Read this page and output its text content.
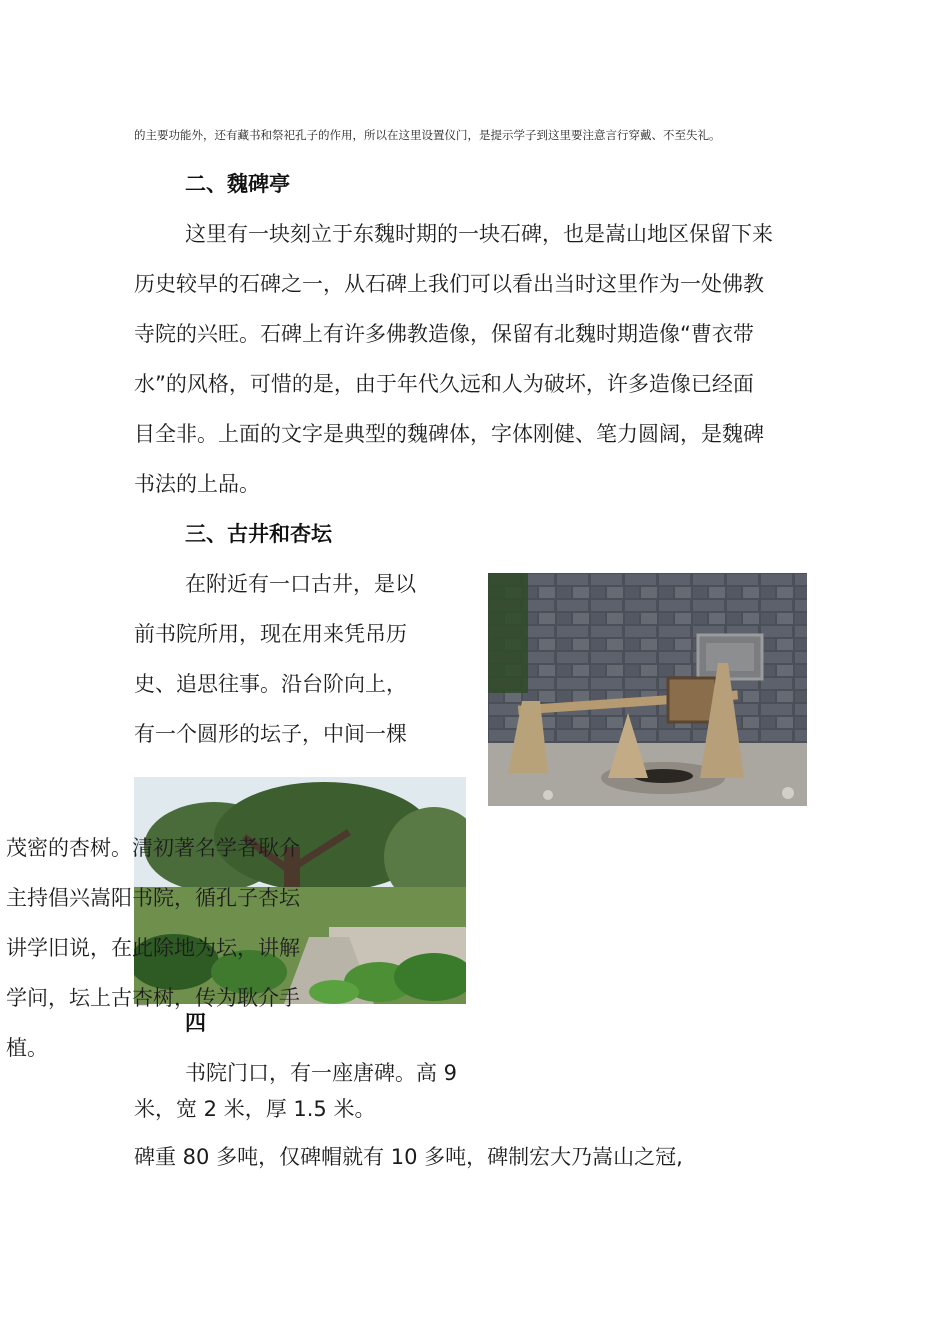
的主要功能外，还有藏书和祭祀孔子的作用，所以在这里设置仪门，是提示学子到这里要注意言行穿戴、不至失礼。
二、魏碑亭
这里有一块刻立于东魏时期的一块石碑，也是嵩山地区保留下来
历史较早的石碑之一，从石碑上我们可以看出当时这里作为一处佛教
寺院的兴旺。石碑上有许多佛教造像，保留有北魏时期造像“曹衣带
水”的风格，可惜的是，由于年代久远和人为破坏，许多造像已经面
目全非。上面的文字是典型的魏碑体，字体刚健、笔力圆阔，是魏碑
书法的上品。
三、古井和杏坛
在附近有一口古井，是以
前书院所用，现在用来凭吊历
史、追思往事。沿台阶向上，
有一个圆形的坛子，中间一棵
茂密的杏树。清初著名学者耿介
主持倡兴嵩阳书院，循孔子杏坛
讲学旧说，在此除地为坛，讲解
学问，坛上古杏树，传为耿介手
植。
四
书院门口，有一座唐碑。高 9
米，宽 2 米，厚 1.5 米。
碑重 80 多吨，仅碑帽就有 10 多吨，碑制宏大乃嵩山之冠,
